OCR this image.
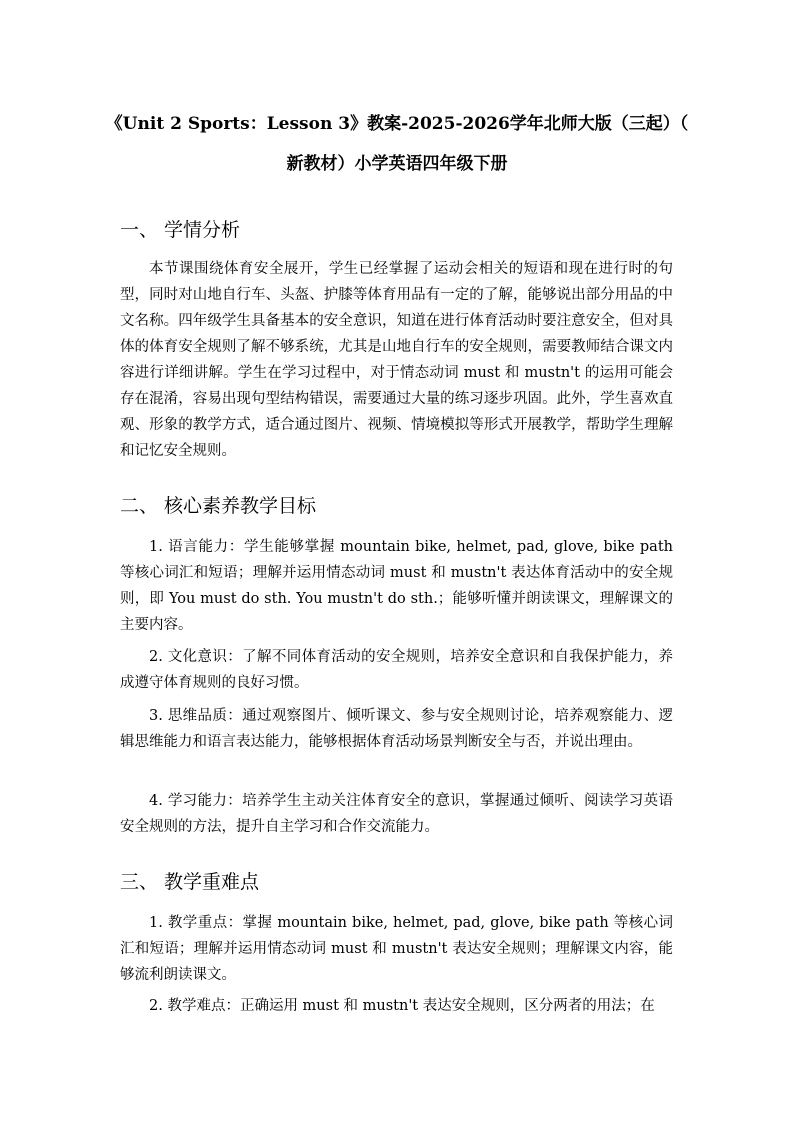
《Unit 2 Sports：Lesson 3》教案-2025-2026学年北师大版（三起）（
新教材）小学英语四年级下册
一、 学情分析

本节课围绕体育安全展开，学生已经掌握了运动会相关的短语和现在进行时的句型，同时对山地自行车、头盔、护膝等体育用品有一定的了解，能够说出部分用品的中文名称。四年级学生具备基本的安全意识，知道在进行体育活动时要注意安全，但对具体的体育安全规则了解不够系统，尤其是山地自行车的安全规则，需要教师结合课文内容进行详细讲解。学生在学习过程中，对于情态动词 must 和 mustn't 的运用可能会存在混淆，容易出现句型结构错误，需要通过大量的练习逐步巩固。此外，学生喜欢直观、形象的教学方式，适合通过图片、视频、情境模拟等形式开展教学，帮助学生理解和记忆安全规则。

二、 核心素养教学目标

1. 语言能力：学生能够掌握 mountain bike, helmet, pad, glove, bike path 等核心词汇和短语；理解并运用情态动词 must 和 mustn't 表达体育活动中的安全规则，即 You must do sth. You mustn't do sth.；能够听懂并朗读课文，理解课文的主要内容。

2. 文化意识：了解不同体育活动的安全规则，培养安全意识和自我保护能力，养成遵守体育规则的良好习惯。

3. 思维品质：通过观察图片、倾听课文、参与安全规则讨论，培养观察能力、逻辑思维能力和语言表达能力，能够根据体育活动场景判断安全与否，并说出理由。

4. 学习能力：培养学生主动关注体育安全的意识，掌握通过倾听、阅读学习英语安全规则的方法，提升自主学习和合作交流能力。

三、 教学重难点

1. 教学重点：掌握 mountain bike, helmet, pad, glove, bike path 等核心词汇和短语；理解并运用情态动词 must 和 mustn't 表达安全规则；理解课文内容，能够流利朗读课文。

2. 教学难点：正确运用 must 和 mustn't 表达安全规则，区分两者的用法；在
